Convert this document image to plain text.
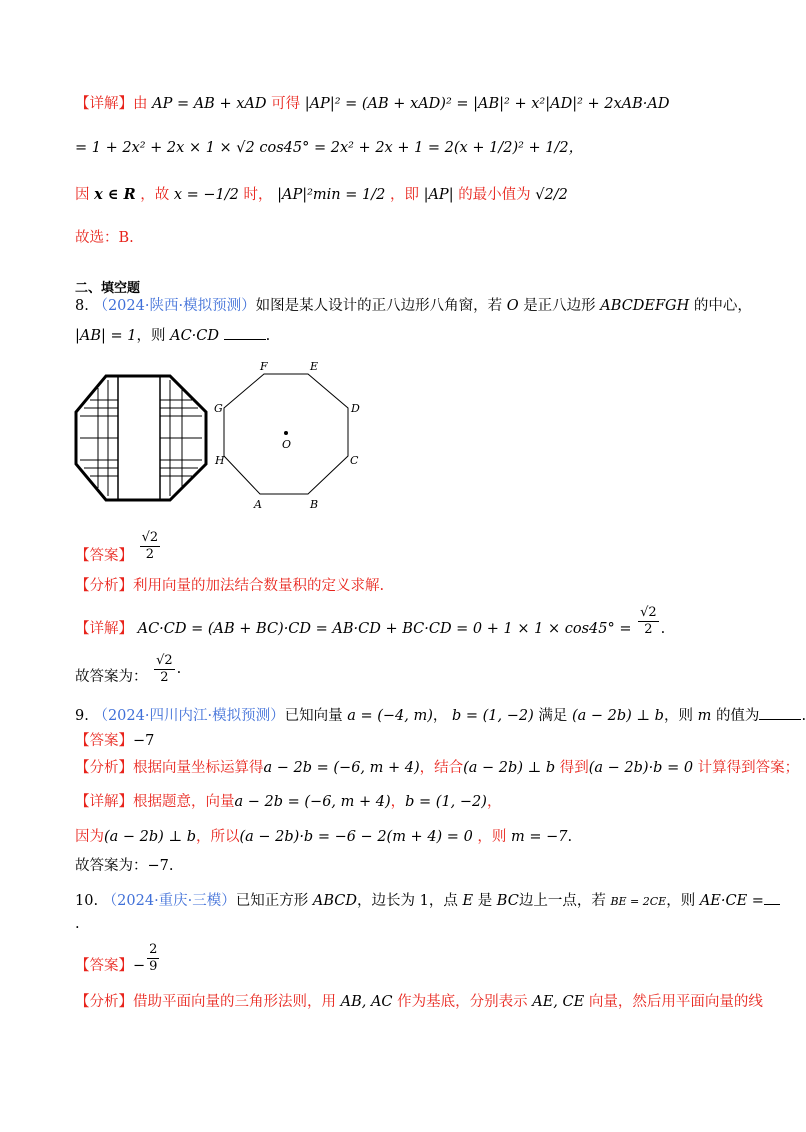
【详解】由 AP = AB + xAD 可得 |AP|² = (AB + xAD)² = |AB|² + x²|AD|² + 2xAB·AD
= 1 + 2x² + 2x × 1 × √2 cos45° = 2x² + 2x + 1 = 2(x + 1/2)² + 1/2，
因 x ∈ R ，故 x = −1/2 时， |AP|²min = 1/2 ，即 |AP| 的最小值为 √2/2
故选：B.
二、填空题
8. （2024·陕西·模拟预测）如图是某人设计的正八边形八角窗，若 O 是正八边形 ABCDEFGH 的中心，
|AB| = 1，则 AC·CD	.
F	E
G	D
O
H	C
A	B
【答案】 $\frac{√2}{2}$
【分析】利用向量的加法结合数量积的定义求解.
【详解】 $AC\cdot CD = (AB + BC)\cdot CD = AB\cdot CD + BC\cdot CD = 0 + 1 \times 1 \times \cos 45^\circ = \frac{√2}{2}$ .
故答案为： $\frac{√2}{2}$ .
9. （2024·四川内江·模拟预测）已知向量 a = (−4, m)， b = (1, −2) 满足 (a − 2b) ⊥ b，则 m 的值为	.
【答案】−7
【分析】根据向量坐标运算得a − 2b = (−6, m + 4)，结合(a − 2b) ⊥ b 得到(a − 2b)·b = 0 计算得到答案；
【详解】根据题意，向量a − 2b = (−6, m + 4)，b = (1, −2)，
因为(a − 2b) ⊥ b，所以(a − 2b)·b = −6 − 2(m + 4) = 0 ，则 m = −7.
故答案为：−7.
10. （2024·重庆·三模）已知正方形 ABCD，边长为 1，点 E 是 BC边上一点，若 BE = 2CE，则 AE·CE =
.
【答案】− $\frac{2}{9}$
【分析】借助平面向量的三角形法则，用 AB, AC 作为基底，分别表示 AE, CE 向量，然后用平面向量的线
